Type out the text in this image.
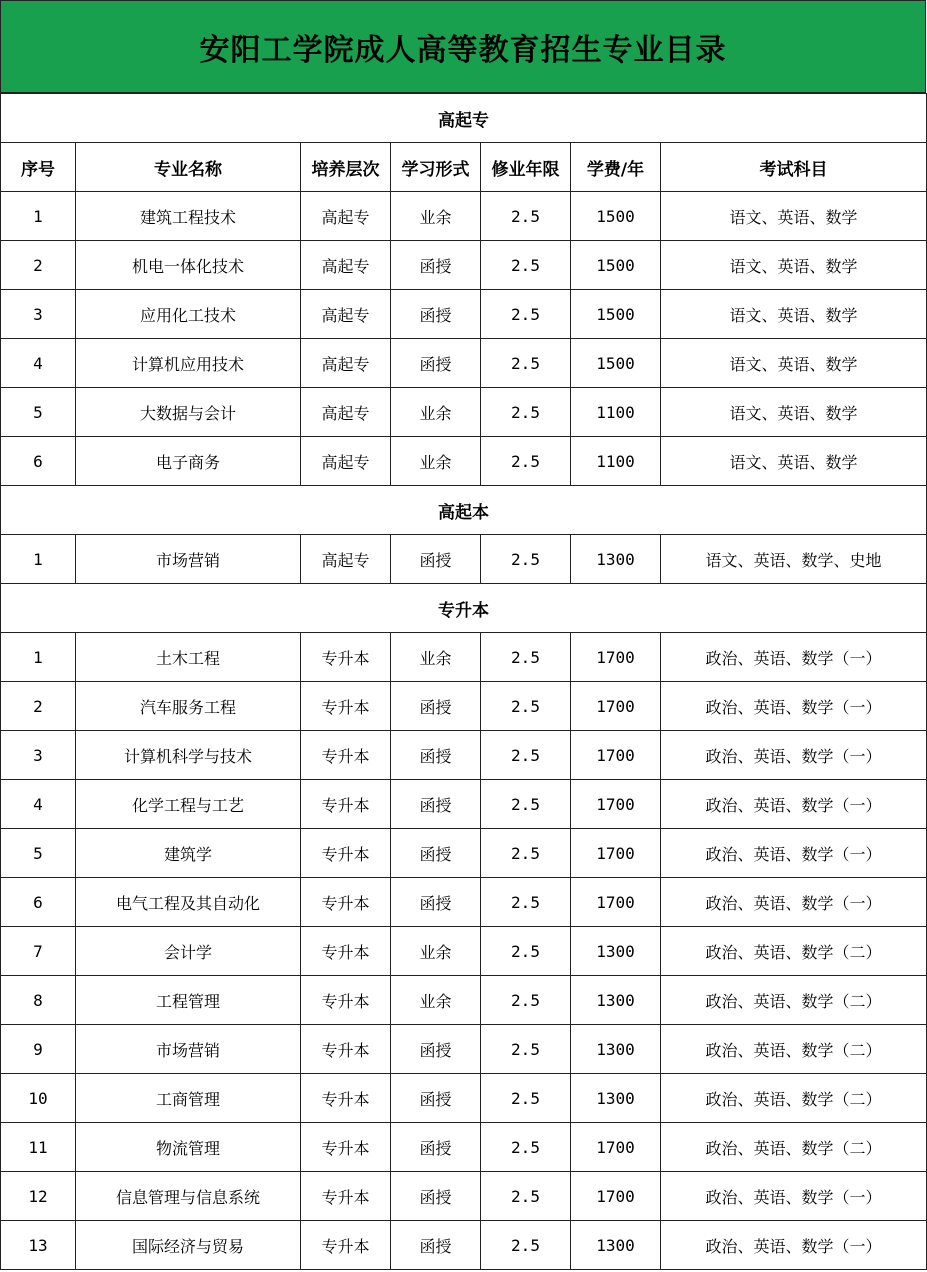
安阳工学院成人高等教育招生专业目录
高起专						
序号	专业名称	培养层次	学习形式	修业年限	学费/年	考试科目
1	建筑工程技术	高起专	业余	2.5	1500	语文、英语、数学
2	机电一体化技术	高起专	函授	2.5	1500	语文、英语、数学
3	应用化工技术	高起专	函授	2.5	1500	语文、英语、数学
4	计算机应用技术	高起专	函授	2.5	1500	语文、英语、数学
5	大数据与会计	高起专	业余	2.5	1100	语文、英语、数学
6	电子商务	高起专	业余	2.5	1100	语文、英语、数学
高起本						
1	市场营销	高起专	函授	2.5	1300	语文、英语、数学、史地
专升本						
1	土木工程	专升本	业余	2.5	1700	政治、英语、数学（一）
2	汽车服务工程	专升本	函授	2.5	1700	政治、英语、数学（一）
3	计算机科学与技术	专升本	函授	2.5	1700	政治、英语、数学（一）
4	化学工程与工艺	专升本	函授	2.5	1700	政治、英语、数学（一）
5	建筑学	专升本	函授	2.5	1700	政治、英语、数学（一）
6	电气工程及其自动化	专升本	函授	2.5	1700	政治、英语、数学（一）
7	会计学	专升本	业余	2.5	1300	政治、英语、数学（二）
8	工程管理	专升本	业余	2.5	1300	政治、英语、数学（二）
9	市场营销	专升本	函授	2.5	1300	政治、英语、数学（二）
10	工商管理	专升本	函授	2.5	1300	政治、英语、数学（二）
11	物流管理	专升本	函授	2.5	1700	政治、英语、数学（二）
12	信息管理与信息系统	专升本	函授	2.5	1700	政治、英语、数学（一）
13	国际经济与贸易	专升本	函授	2.5	1300	政治、英语、数学（一）
